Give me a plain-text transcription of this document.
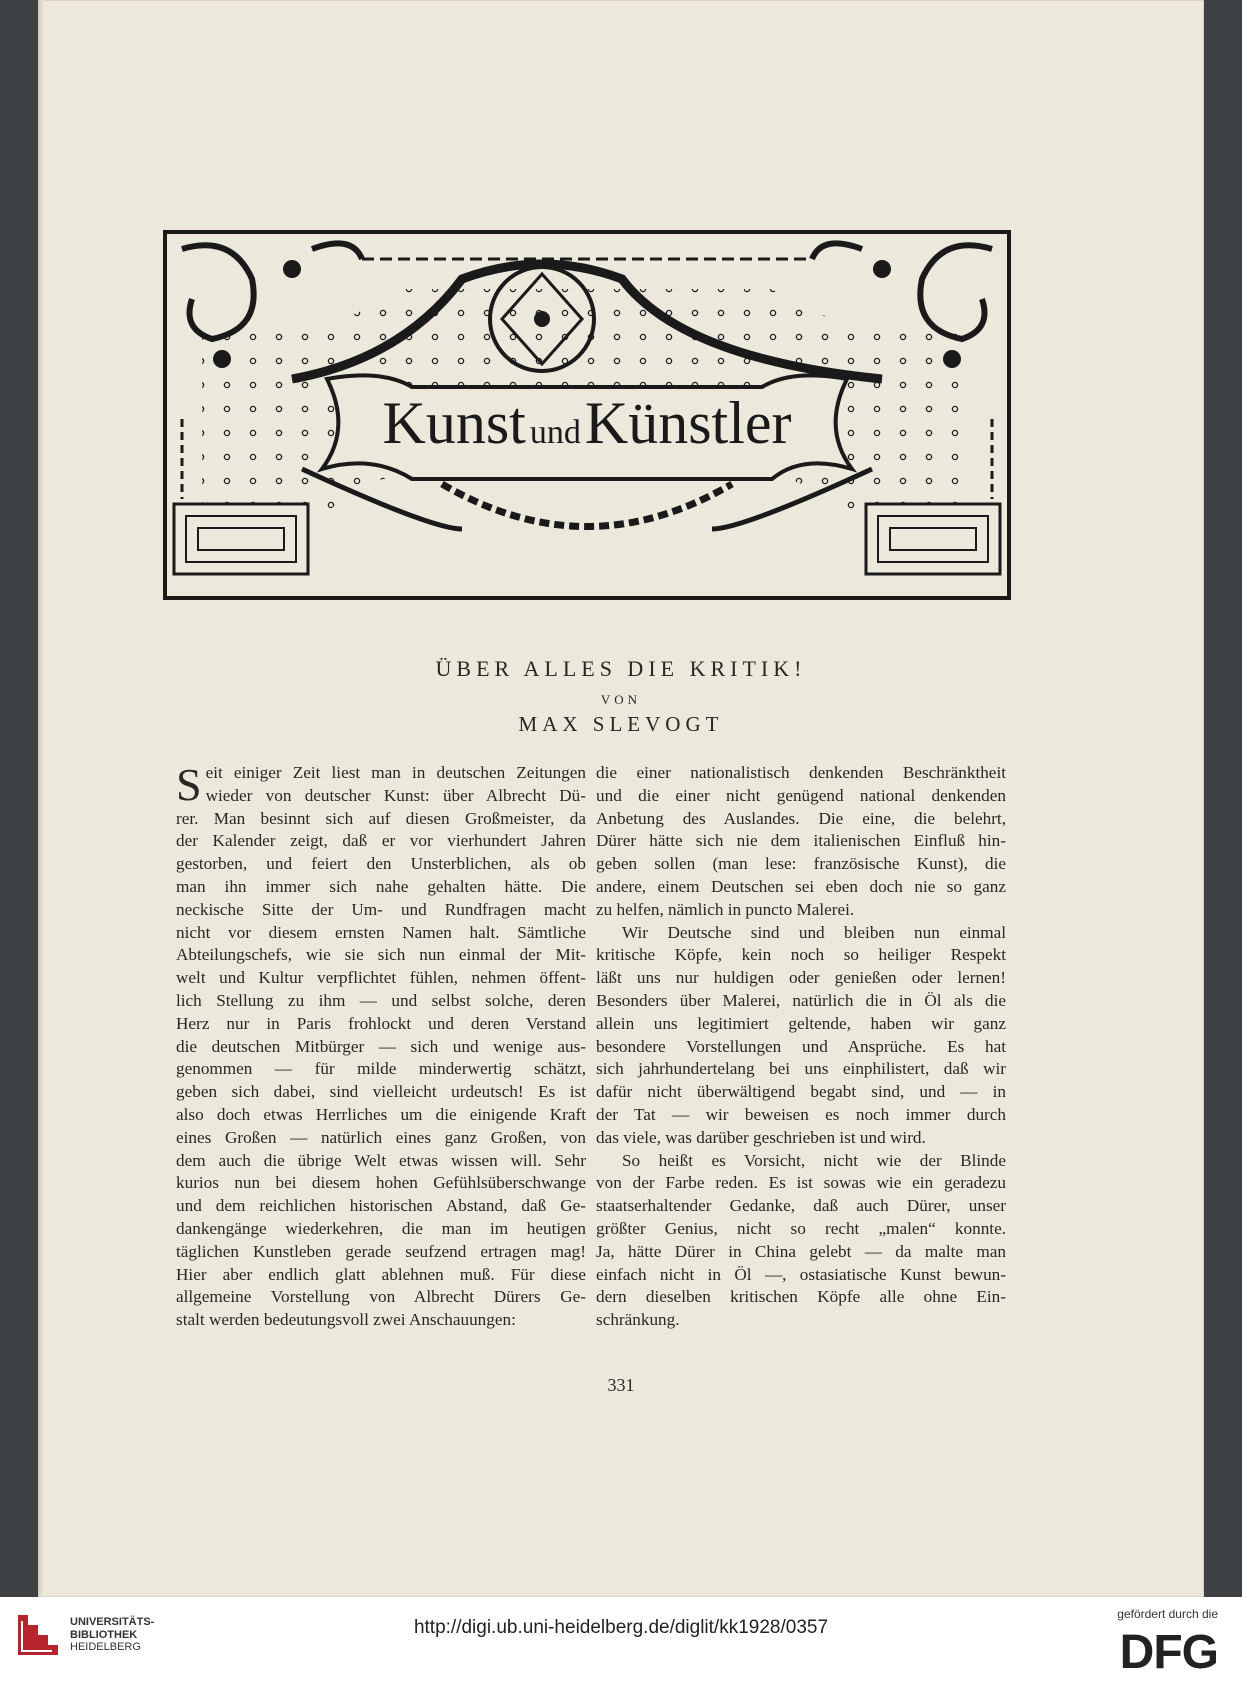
Kunst und Künstler
ÜBER ALLES DIE KRITIK!
VON
MAX SLEVOGT
S eit einiger Zeit liest man in deutschen Zeitungen
wieder von deutscher Kunst: über Albrecht Dü-
rer. Man besinnt sich auf diesen Großmeister, da
der Kalender zeigt, daß er vor vierhundert Jahren
gestorben, und feiert den Unsterblichen, als ob
man ihn immer sich nahe gehalten hätte. Die
neckische Sitte der Um- und Rundfragen macht
nicht vor diesem ernsten Namen halt. Sämtliche
Abteilungschefs, wie sie sich nun einmal der Mit-
welt und Kultur verpflichtet fühlen, nehmen öffent-
lich Stellung zu ihm — und selbst solche, deren
Herz nur in Paris frohlockt und deren Verstand
die deutschen Mitbürger — sich und wenige aus-
genommen — für milde minderwertig schätzt,
geben sich dabei, sind vielleicht urdeutsch! Es ist
also doch etwas Herrliches um die einigende Kraft
eines Großen — natürlich eines ganz Großen, von
dem auch die übrige Welt etwas wissen will. Sehr
kurios nun bei diesem hohen Gefühlsüberschwange
und dem reichlichen historischen Abstand, daß Ge-
dankengänge wiederkehren, die man im heutigen
täglichen Kunstleben gerade seufzend ertragen mag!
Hier aber endlich glatt ablehnen muß. Für diese
allgemeine Vorstellung von Albrecht Dürers Ge-
stalt werden bedeutungsvoll zwei Anschauungen:
die einer nationalistisch denkenden Beschränktheit
und die einer nicht genügend national denkenden
Anbetung des Auslandes. Die eine, die belehrt,
Dürer hätte sich nie dem italienischen Einfluß hin-
geben sollen (man lese: französische Kunst), die
andere, einem Deutschen sei eben doch nie so ganz
zu helfen, nämlich in puncto Malerei.
Wir Deutsche sind und bleiben nun einmal
kritische Köpfe, kein noch so heiliger Respekt
läßt uns nur huldigen oder genießen oder lernen!
Besonders über Malerei, natürlich die in Öl als die
allein uns legitimiert geltende, haben wir ganz
besondere Vorstellungen und Ansprüche. Es hat
sich jahrhundertelang bei uns einphilistert, daß wir
dafür nicht überwältigend begabt sind, und — in
der Tat — wir beweisen es noch immer durch
das viele, was darüber geschrieben ist und wird.
So heißt es Vorsicht, nicht wie der Blinde
von der Farbe reden. Es ist sowas wie ein geradezu
staatserhaltender Gedanke, daß auch Dürer, unser
größter Genius, nicht so recht „malen“ konnte.
Ja, hätte Dürer in China gelebt — da malte man
einfach nicht in Öl —, ostasiatische Kunst bewun-
dern dieselben kritischen Köpfe alle ohne Ein-
schränkung.
331
UNIVERSITÄTS-
BIBLIOTHEK
HEIDELBERG
http://digi.ub.uni-heidelberg.de/diglit/kk1928/0357
gefördert durch die
DFG
